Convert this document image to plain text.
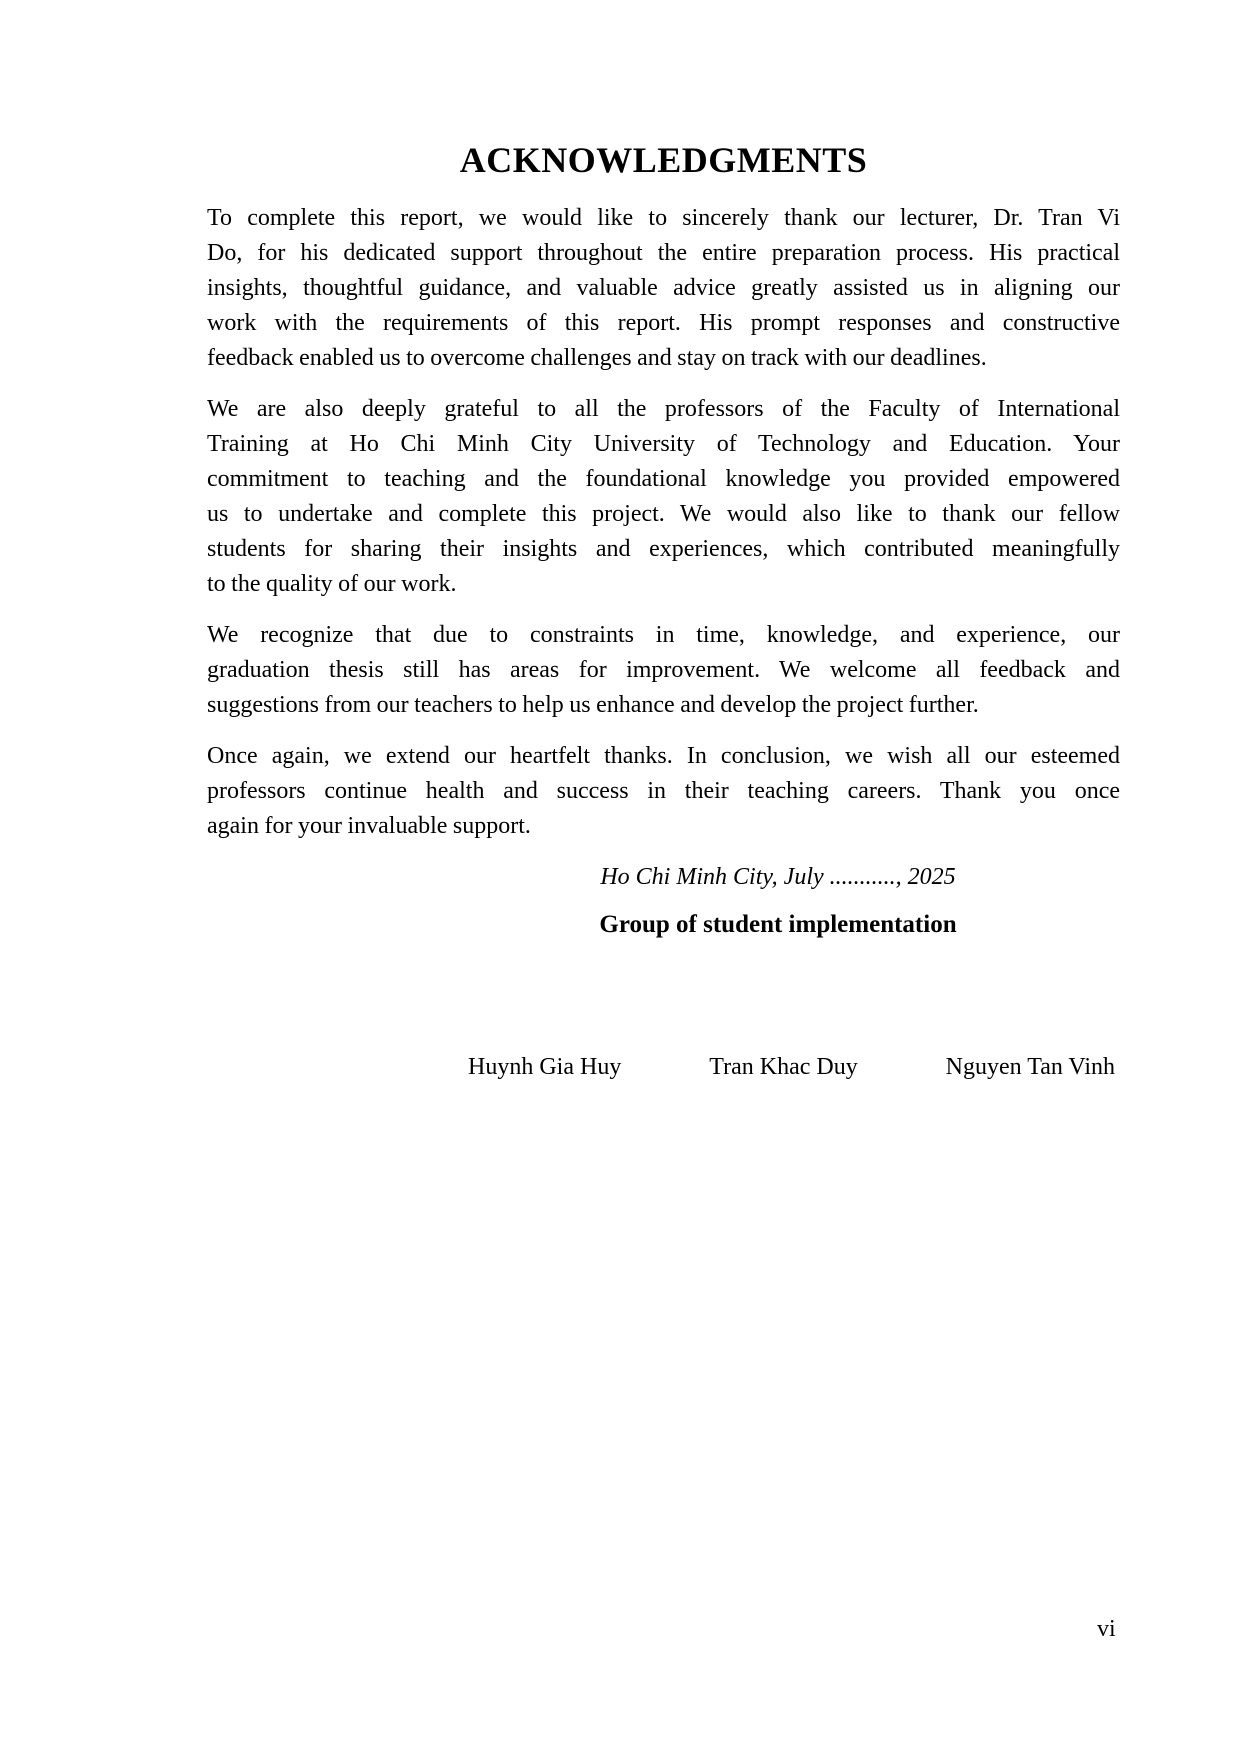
ACKNOWLEDGMENTS
To complete this report, we would like to sincerely thank our lecturer, Dr. Tran Vi
Do, for his dedicated support throughout the entire preparation process. His practical
insights, thoughtful guidance, and valuable advice greatly assisted us in aligning our
work with the requirements of this report. His prompt responses and constructive
feedback enabled us to overcome challenges and stay on track with our deadlines.
We are also deeply grateful to all the professors of the Faculty of International
Training at Ho Chi Minh City University of Technology and Education. Your
commitment to teaching and the foundational knowledge you provided empowered
us to undertake and complete this project. We would also like to thank our fellow
students for sharing their insights and experiences, which contributed meaningfully
to the quality of our work.
We recognize that due to constraints in time, knowledge, and experience, our
graduation thesis still has areas for improvement. We welcome all feedback and
suggestions from our teachers to help us enhance and develop the project further.
Once again, we extend our heartfelt thanks. In conclusion, we wish all our esteemed
professors continue health and success in their teaching careers. Thank you once
again for your invaluable support.
Ho Chi Minh City, July ..........., 2025
Group of student implementation
Huynh Gia Huy	Tran Khac Duy	Nguyen Tan Vinh
vi
